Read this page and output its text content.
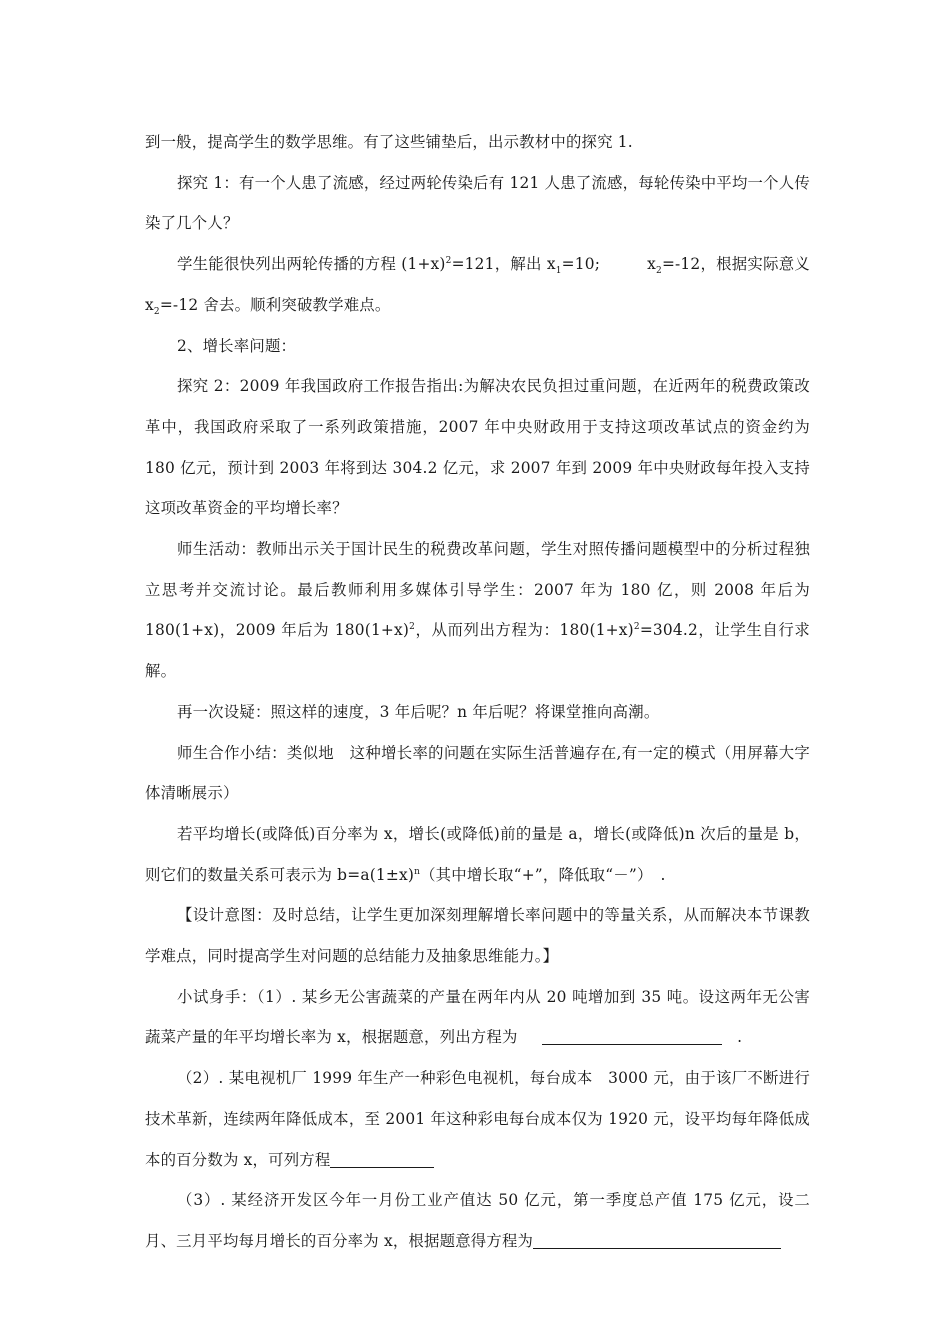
到一般，提高学生的数学思维。有了这些铺垫后，出示教材中的探究 1.

探究 1：有一个人患了流感，经过两轮传染后有 121 人患了流感，每轮传染中平均一个人传染了几个人？

学生能很快列出两轮传播的方程 $(1+x)^2=121$，解出 $x_1=10$;　　　$x_2=-12$，根据实际意义 $x_2=-12$ 舍去。顺利突破教学难点。

2、增长率问题：

探究 2：2009 年我国政府工作报告指出:为解决农民负担过重问题，在近两年的税费政策改革中，我国政府采取了一系列政策措施，2007 年中央财政用于支持这项改革试点的资金约为 180 亿元，预计到 2003 年将到达 304.2 亿元，求 2007 年到 2009 年中央财政每年投入支持这项改革资金的平均增长率？

师生活动：教师出示关于国计民生的税费改革问题，学生对照传播问题模型中的分析过程独立思考并交流讨论。最后教师利用多媒体引导学生：2007 年为 180 亿，则 2008 年后为 180(1+x)，2009 年后为 $180(1+x)^2$，从而列出方程为：$180(1+x)^2=304.2$，让学生自行求解。

再一次设疑：照这样的速度，3 年后呢？n 年后呢？将课堂推向高潮。

师生合作小结：类似地　这种增长率的问题在实际生活普遍存在,有一定的模式（用屏幕大字体清晰展示）

若平均增长(或降低)百分率为 x，增长(或降低)前的量是 a，增长(或降低)n 次后的量是 b，则它们的数量关系可表示为 $b=a(1\pm x)^n$（其中增长取“+”，降低取“－”）　.

【设计意图：及时总结，让学生更加深刻理解增长率问题中的等量关系，从而解决本节课教学难点，同时提高学生对问题的总结能力及抽象思维能力。】

小试身手：（1）. 某乡无公害蔬菜的产量在两年内从 20 吨增加到 35 吨。设这两年无公害蔬菜产量的年平均增长率为 x，根据题意，列出方程为	　.

（2）. 某电视机厂 1999 年生产一种彩色电视机，每台成本　3000 元，由于该厂不断进行技术革新，连续两年降低成本，至 2001 年这种彩电每台成本仅为 1920 元，设平均每年降低成本的百分数为 x，可列方程

（3）. 某经济开发区今年一月份工业产值达 50 亿元，第一季度总产值 175 亿元，设二月、三月平均每月增长的百分率为 x，根据题意得方程为
